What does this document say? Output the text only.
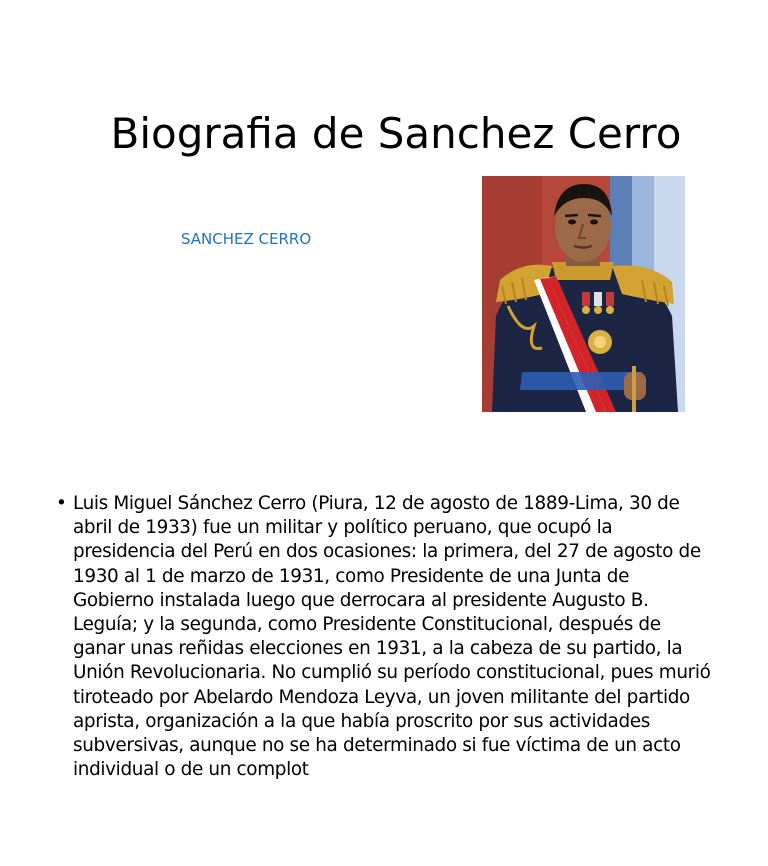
Biografia de Sanchez Cerro
SANCHEZ CERRO
• Luis Miguel Sánchez Cerro (Piura, 12 de agosto de 1889-Lima, 30 de abril de 1933) fue un militar y político peruano, que ocupó la presidencia del Perú en dos ocasiones: la primera, del 27 de agosto de 1930 al 1 de marzo de 1931, como Presidente de una Junta de Gobierno instalada luego que derrocara al presidente Augusto B. Leguía; y la segunda, como Presidente Constitucional, después de ganar unas reñidas elecciones en 1931, a la cabeza de su partido, la Unión Revolucionaria. No cumplió su período constitucional, pues murió tiroteado por Abelardo Mendoza Leyva, un joven militante del partido aprista, organización a la que había proscrito por sus actividades subversivas, aunque no se ha determinado si fue víctima de un acto individual o de un complot
